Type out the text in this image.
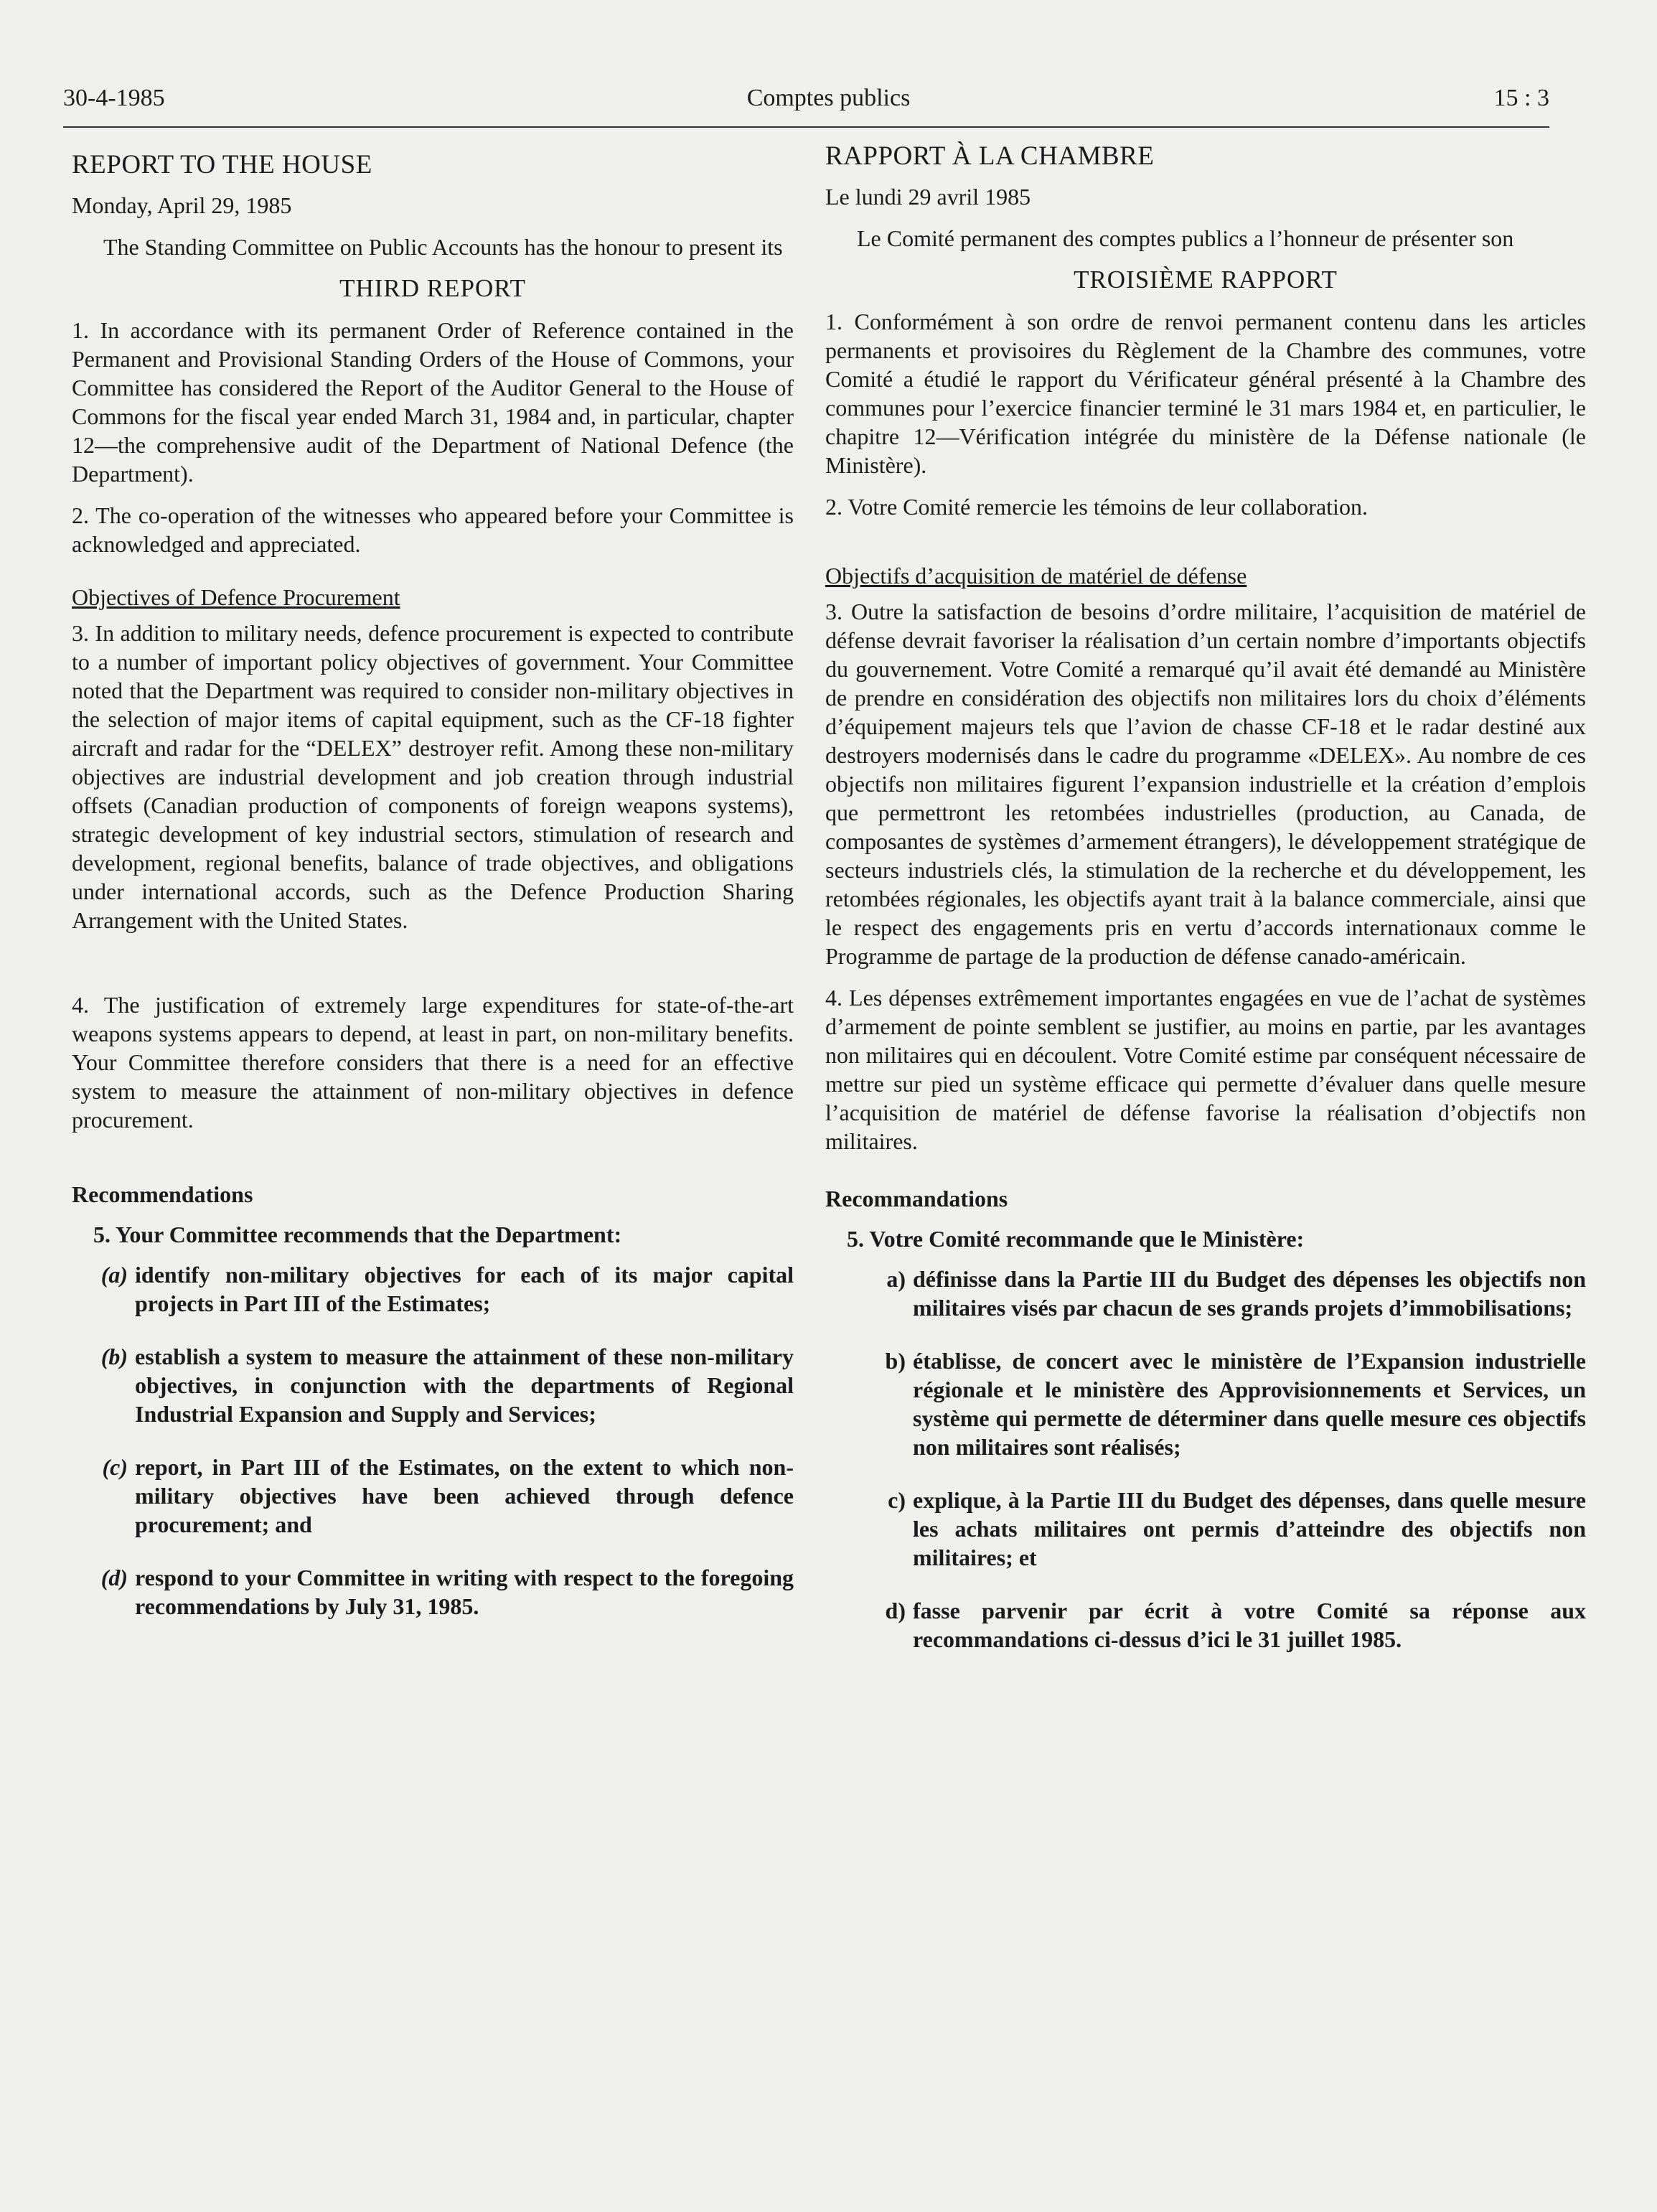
30-4-1985	Comptes publics	15 : 3
REPORT TO THE HOUSE
Monday, April 29, 1985

The Standing Committee on Public Accounts has the honour to present its

THIRD REPORT

1. In accordance with its permanent Order of Reference contained in the Permanent and Provisional Standing Orders of the House of Commons, your Committee has considered the Report of the Auditor General to the House of Commons for the fiscal year ended March 31, 1984 and, in particular, chapter 12—the comprehensive audit of the Department of National Defence (the Department).

2. The co-operation of the witnesses who appeared before your Committee is acknowledged and appreciated.

Objectives of Defence Procurement

3. In addition to military needs, defence procurement is expected to contribute to a number of important policy objectives of government. Your Committee noted that the Department was required to consider non-military objectives in the selection of major items of capital equipment, such as the CF-18 fighter aircraft and radar for the “DELEX” destroyer refit. Among these non-military objectives are industrial development and job creation through industrial offsets (Canadian production of components of foreign weapons systems), strategic development of key industrial sectors, stimulation of research and development, regional benefits, balance of trade objectives, and obligations under international accords, such as the Defence Production Sharing Arrangement with the United States.

4. The justification of extremely large expenditures for state-of-the-art weapons systems appears to depend, at least in part, on non-military benefits. Your Committee therefore considers that there is a need for an effective system to measure the attainment of non-military objectives in defence procurement.

Recommendations
5. Your Committee recommends that the Department:
(a) identify non-military objectives for each of its major capital projects in Part III of the Estimates;
(b) establish a system to measure the attainment of these non-military objectives, in conjunction with the departments of Regional Industrial Expansion and Supply and Services;
(c) report, in Part III of the Estimates, on the extent to which non-military objectives have been achieved through defence procurement; and
(d) respond to your Committee in writing with respect to the foregoing recommendations by July 31, 1985.
RAPPORT À LA CHAMBRE
Le lundi 29 avril 1985

Le Comité permanent des comptes publics a l’honneur de présenter son

TROISIÈME RAPPORT

1. Conformément à son ordre de renvoi permanent contenu dans les articles permanents et provisoires du Règlement de la Chambre des communes, votre Comité a étudié le rapport du Vérificateur général présenté à la Chambre des communes pour l’exercice financier terminé le 31 mars 1984 et, en particulier, le chapitre 12—Vérification intégrée du ministère de la Défense nationale (le Ministère).

2. Votre Comité remercie les témoins de leur collaboration.

Objectifs d’acquisition de matériel de défense

3. Outre la satisfaction de besoins d’ordre militaire, l’acquisition de matériel de défense devrait favoriser la réalisation d’un certain nombre d’importants objectifs du gouvernement. Votre Comité a remarqué qu’il avait été demandé au Ministère de prendre en considération des objectifs non militaires lors du choix d’éléments d’équipement majeurs tels que l’avion de chasse CF-18 et le radar destiné aux destroyers modernisés dans le cadre du programme «DELEX». Au nombre de ces objectifs non militaires figurent l’expansion industrielle et la création d’emplois que permettront les retombées industrielles (production, au Canada, de composantes de systèmes d’armement étrangers), le développement stratégique de secteurs industriels clés, la stimulation de la recherche et du développement, les retombées régionales, les objectifs ayant trait à la balance commerciale, ainsi que le respect des engagements pris en vertu d’accords internationaux comme le Programme de partage de la production de défense canado-américain.

4. Les dépenses extrêmement importantes engagées en vue de l’achat de systèmes d’armement de pointe semblent se justifier, au moins en partie, par les avantages non militaires qui en découlent. Votre Comité estime par conséquent nécessaire de mettre sur pied un système efficace qui permette d’évaluer dans quelle mesure l’acquisition de matériel de défense favorise la réalisation d’objectifs non militaires.

Recommandations
5. Votre Comité recommande que le Ministère:
a) définisse dans la Partie III du Budget des dépenses les objectifs non militaires visés par chacun de ses grands projets d’immobilisations;
b) établisse, de concert avec le ministère de l’Expansion industrielle régionale et le ministère des Approvisionnements et Services, un système qui permette de déterminer dans quelle mesure ces objectifs non militaires sont réalisés;
c) explique, à la Partie III du Budget des dépenses, dans quelle mesure les achats militaires ont permis d’atteindre des objectifs non militaires; et
d) fasse parvenir par écrit à votre Comité sa réponse aux recommandations ci-dessus d’ici le 31 juillet 1985.
